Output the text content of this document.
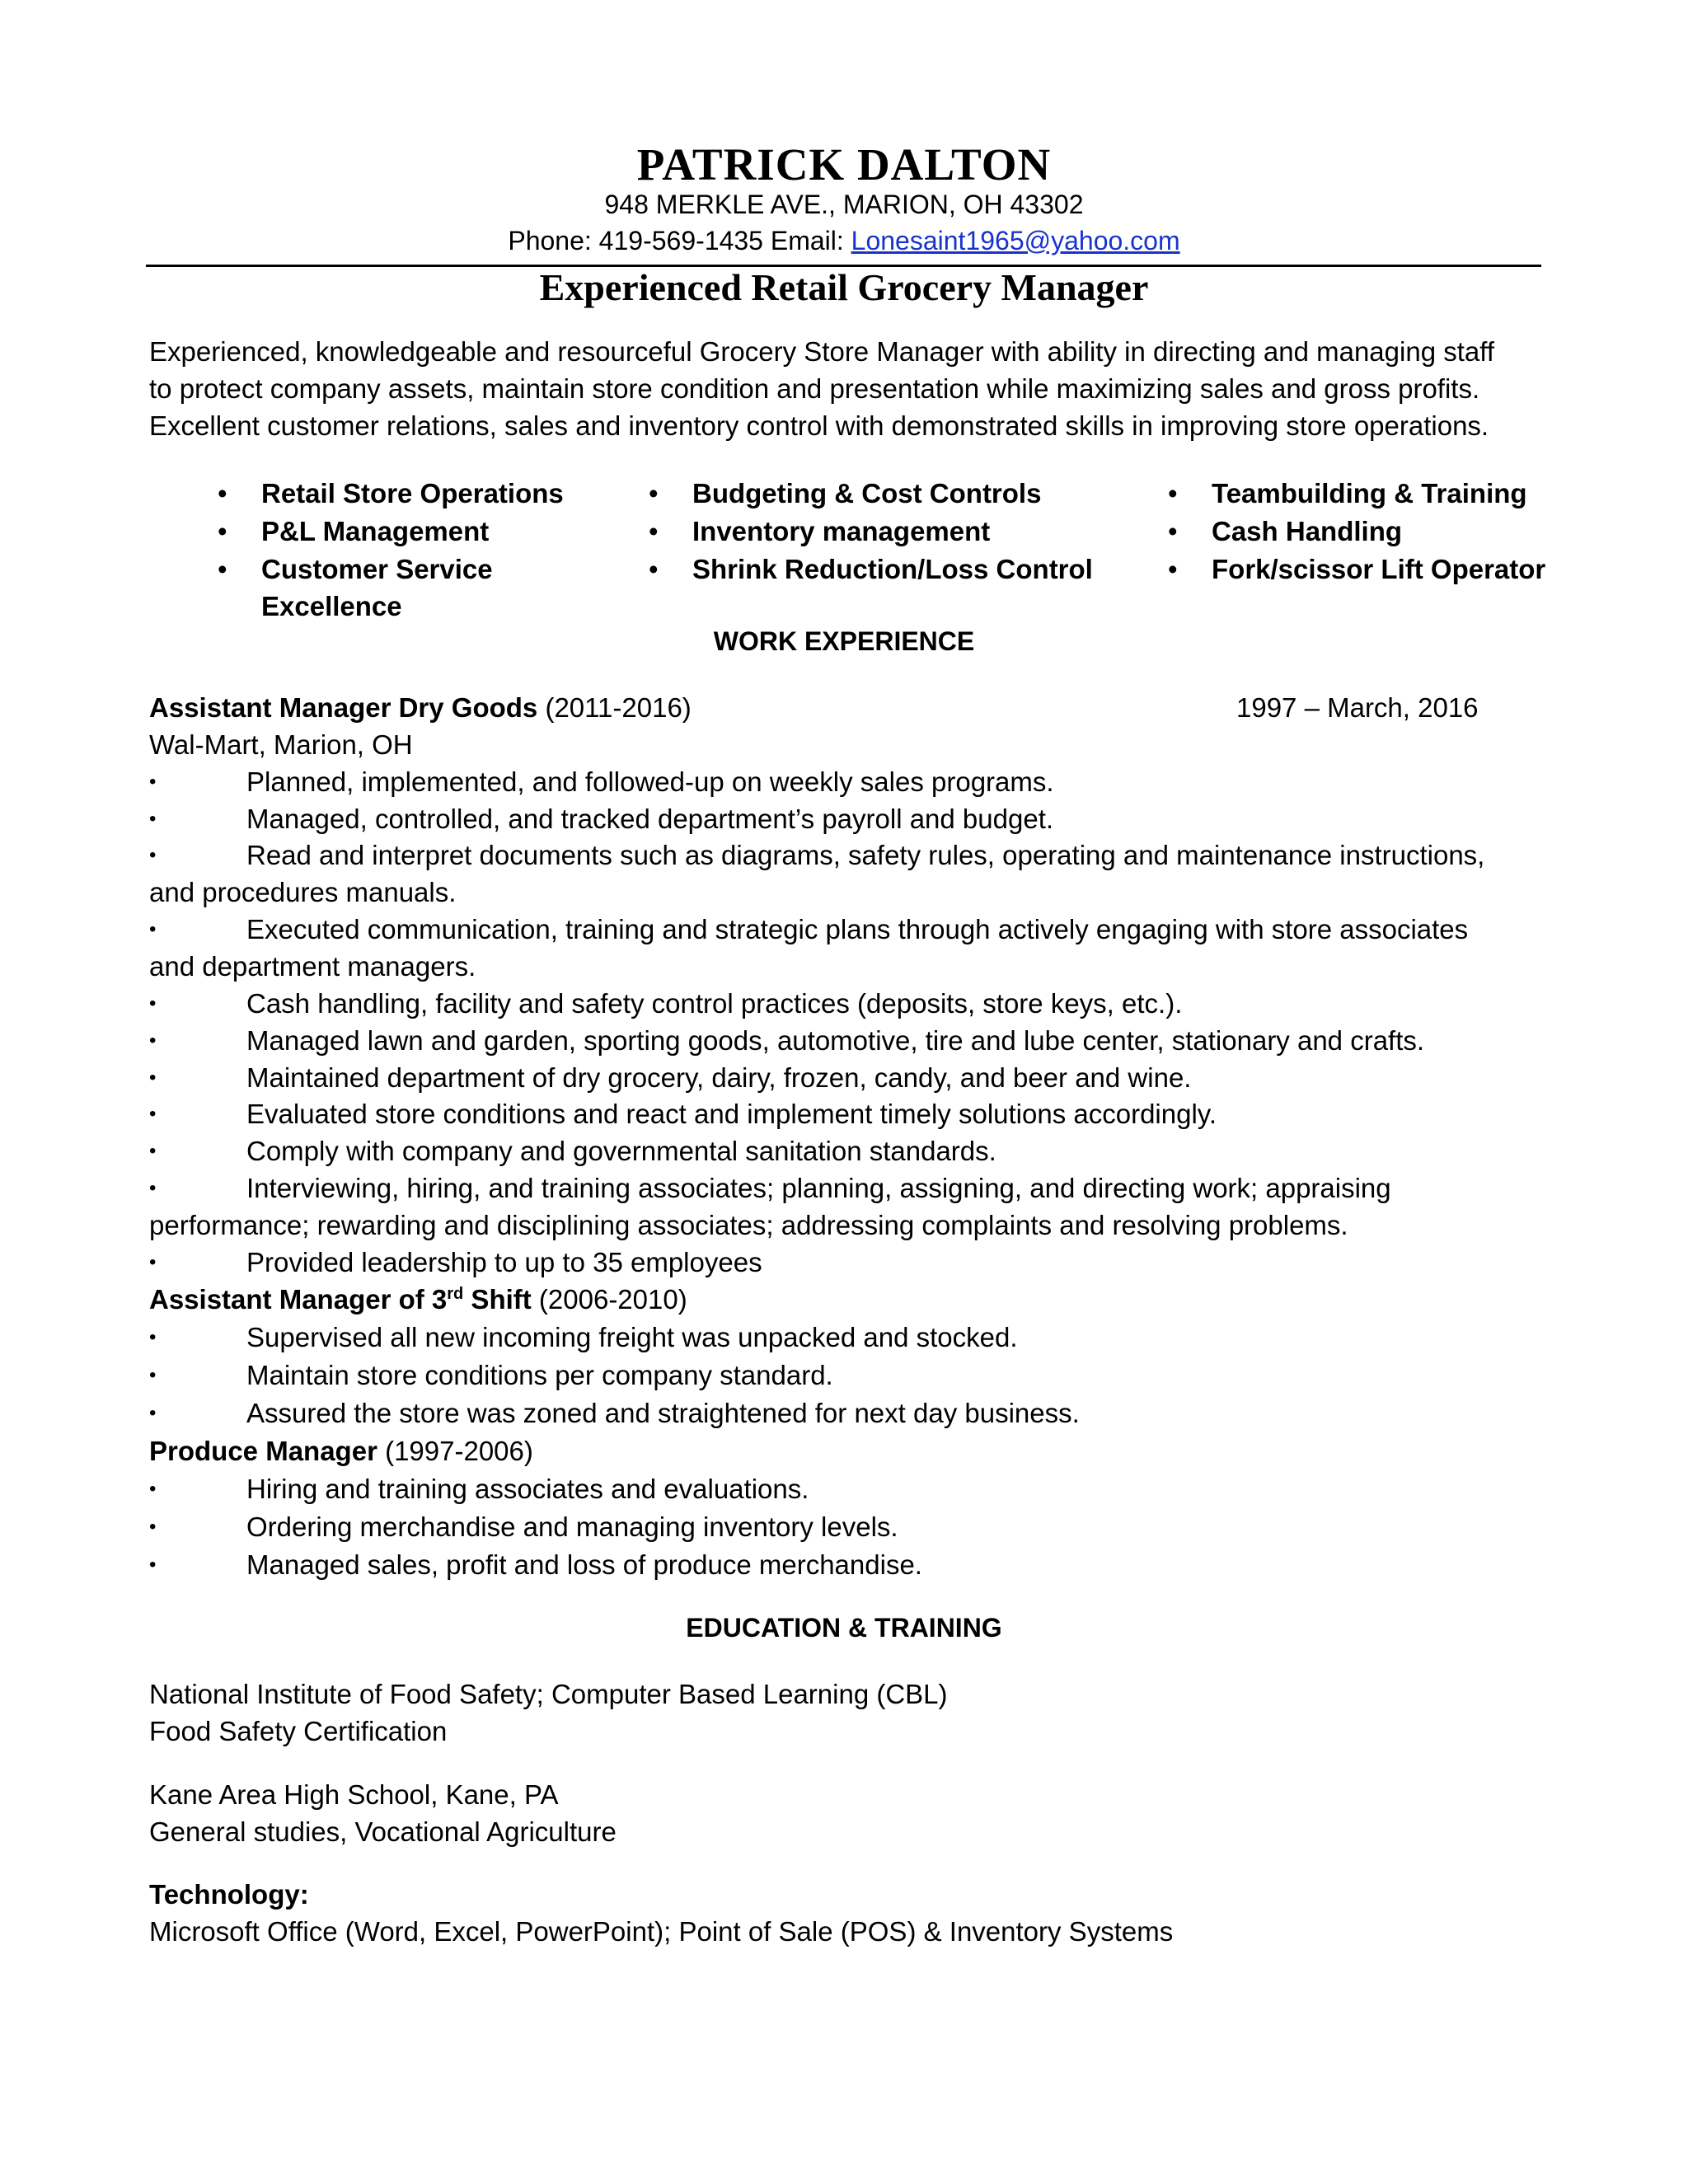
PATRICK DALTON
948 MERKLE AVE., MARION, OH 43302
Phone: 419-569-1435 Email: Lonesaint1965@yahoo.com
Experienced Retail Grocery Manager
Experienced, knowledgeable and resourceful Grocery Store Manager with ability in directing and managing staff
to protect company assets, maintain store condition and presentation while maximizing sales and gross profits.
Excellent customer relations, sales and inventory control with demonstrated skills in improving store operations.
• Retail Store Operations
• P&L Management
• Customer Service
Excellence
• Budgeting & Cost Controls
• Inventory management
• Shrink Reduction/Loss Control
• Teambuilding & Training
• Cash Handling
• Fork/scissor Lift Operator
WORK EXPERIENCE
Assistant Manager Dry Goods (2011-2016)	1997 – March, 2016
Wal-Mart, Marion, OH
•	Planned, implemented, and followed-up on weekly sales programs.
•	Managed, controlled, and tracked department’s payroll and budget.
•	Read and interpret documents such as diagrams, safety rules, operating and maintenance instructions,
and procedures manuals.
•	Executed communication, training and strategic plans through actively engaging with store associates
and department managers.
•	Cash handling, facility and safety control practices (deposits, store keys, etc.).
•	Managed lawn and garden, sporting goods, automotive, tire and lube center, stationary and crafts.
•	Maintained department of dry grocery, dairy, frozen, candy, and beer and wine.
•	Evaluated store conditions and react and implement timely solutions accordingly.
•	Comply with company and governmental sanitation standards.
•	Interviewing, hiring, and training associates; planning, assigning, and directing work; appraising
performance; rewarding and disciplining associates; addressing complaints and resolving problems.
•	Provided leadership to up to 35 employees
Assistant Manager of 3rd Shift (2006-2010)
•	Supervised all new incoming freight was unpacked and stocked.
•	Maintain store conditions per company standard.
•	Assured the store was zoned and straightened for next day business.
Produce Manager (1997-2006)
•	Hiring and training associates and evaluations.
•	Ordering merchandise and managing inventory levels.
•	Managed sales, profit and loss of produce merchandise.
EDUCATION & TRAINING
National Institute of Food Safety; Computer Based Learning (CBL)
Food Safety Certification
Kane Area High School, Kane, PA
General studies, Vocational Agriculture
Technology:
Microsoft Office (Word, Excel, PowerPoint); Point of Sale (POS) & Inventory Systems
